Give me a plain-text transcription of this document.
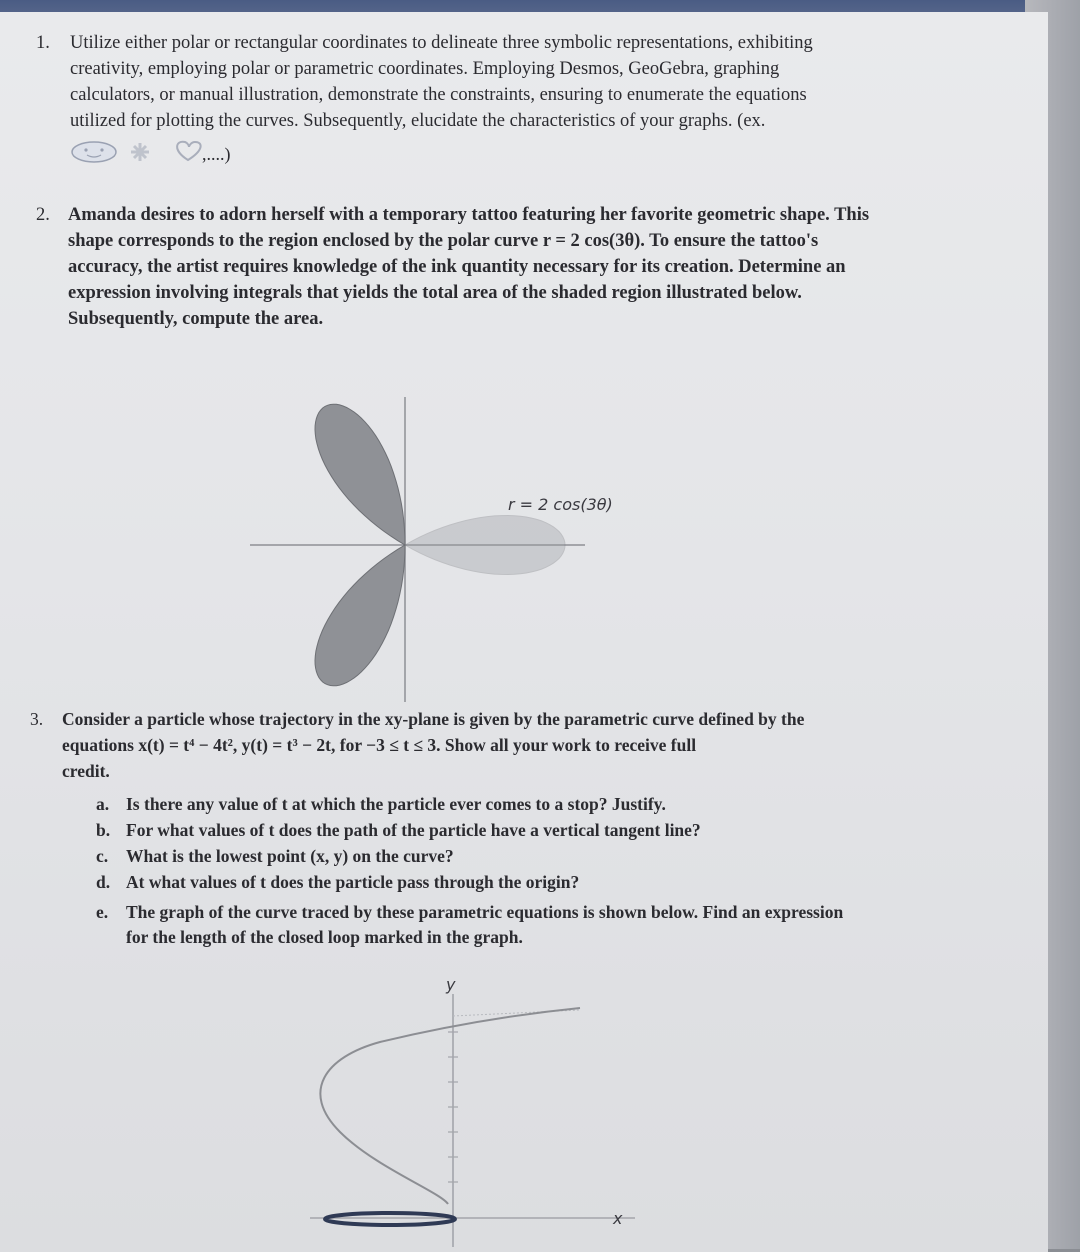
1. Utilize either polar or rectangular coordinates to delineate three symbolic representations, exhibiting
creativity, employing polar or parametric coordinates. Employing Desmos, GeoGebra, graphing
calculators, or manual illustration, demonstrate the constraints, ensuring to enumerate the equations
utilized for plotting the curves. Subsequently, elucidate the characteristics of your graphs. (ex.
,....)
2. Amanda desires to adorn herself with a temporary tattoo featuring her favorite geometric shape. This
shape corresponds to the region enclosed by the polar curve r = 2 cos(3θ). To ensure the tattoo's
accuracy, the artist requires knowledge of the ink quantity necessary for its creation. Determine an
expression involving integrals that yields the total area of the shaded region illustrated below.
Subsequently, compute the area.
r = 2 cos(3θ)
3. Consider a particle whose trajectory in the xy-plane is given by the parametric curve defined by the
equations x(t) = t⁴ − 4t², y(t) = t³ − 2t, for −3 ≤ t ≤ 3. Show all your work to receive full
credit.
a. Is there any value of t at which the particle ever comes to a stop? Justify.
b. For what values of t does the path of the particle have a vertical tangent line?
c. What is the lowest point (x, y) on the curve?
d. At what values of t does the particle pass through the origin?
e. The graph of the curve traced by these parametric equations is shown below. Find an expression
for the length of the closed loop marked in the graph.
y
x
